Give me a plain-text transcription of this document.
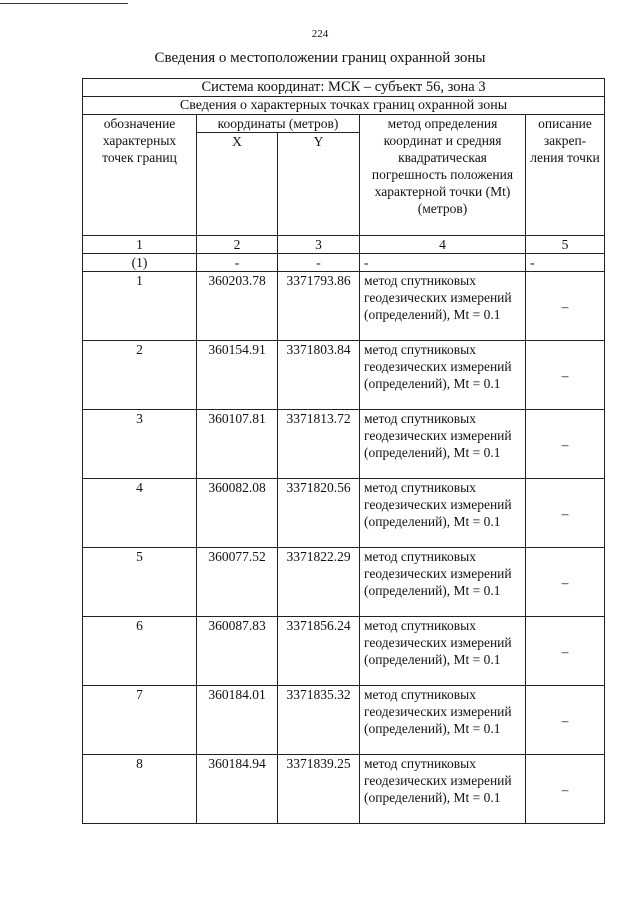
224
Сведения о местоположении границ охранной зоны
Система координат: МСК – субъект 56, зона 3				
Сведения о характерных точках границ охранной зоны				
обозначение характерных точек границ	координаты (метров)		метод определения координат и средняя квадратическая погрешность положения характерной точки (Mt) (метров)	описание закреп-ления точки
	X	Y		
1	2	3	4	5
(1)	-	-	-	-
1	360203.78	3371793.86	метод спутниковых геодезических измерений (определений), Mt = 0.1	–
2	360154.91	3371803.84	метод спутниковых геодезических измерений (определений), Mt = 0.1	–
3	360107.81	3371813.72	метод спутниковых геодезических измерений (определений), Mt = 0.1	–
4	360082.08	3371820.56	метод спутниковых геодезических измерений (определений), Mt = 0.1	–
5	360077.52	3371822.29	метод спутниковых геодезических измерений (определений), Mt = 0.1	–
6	360087.83	3371856.24	метод спутниковых геодезических измерений (определений), Mt = 0.1	–
7	360184.01	3371835.32	метод спутниковых геодезических измерений (определений), Mt = 0.1	–
8	360184.94	3371839.25	метод спутниковых геодезических измерений (определений), Mt = 0.1	–
